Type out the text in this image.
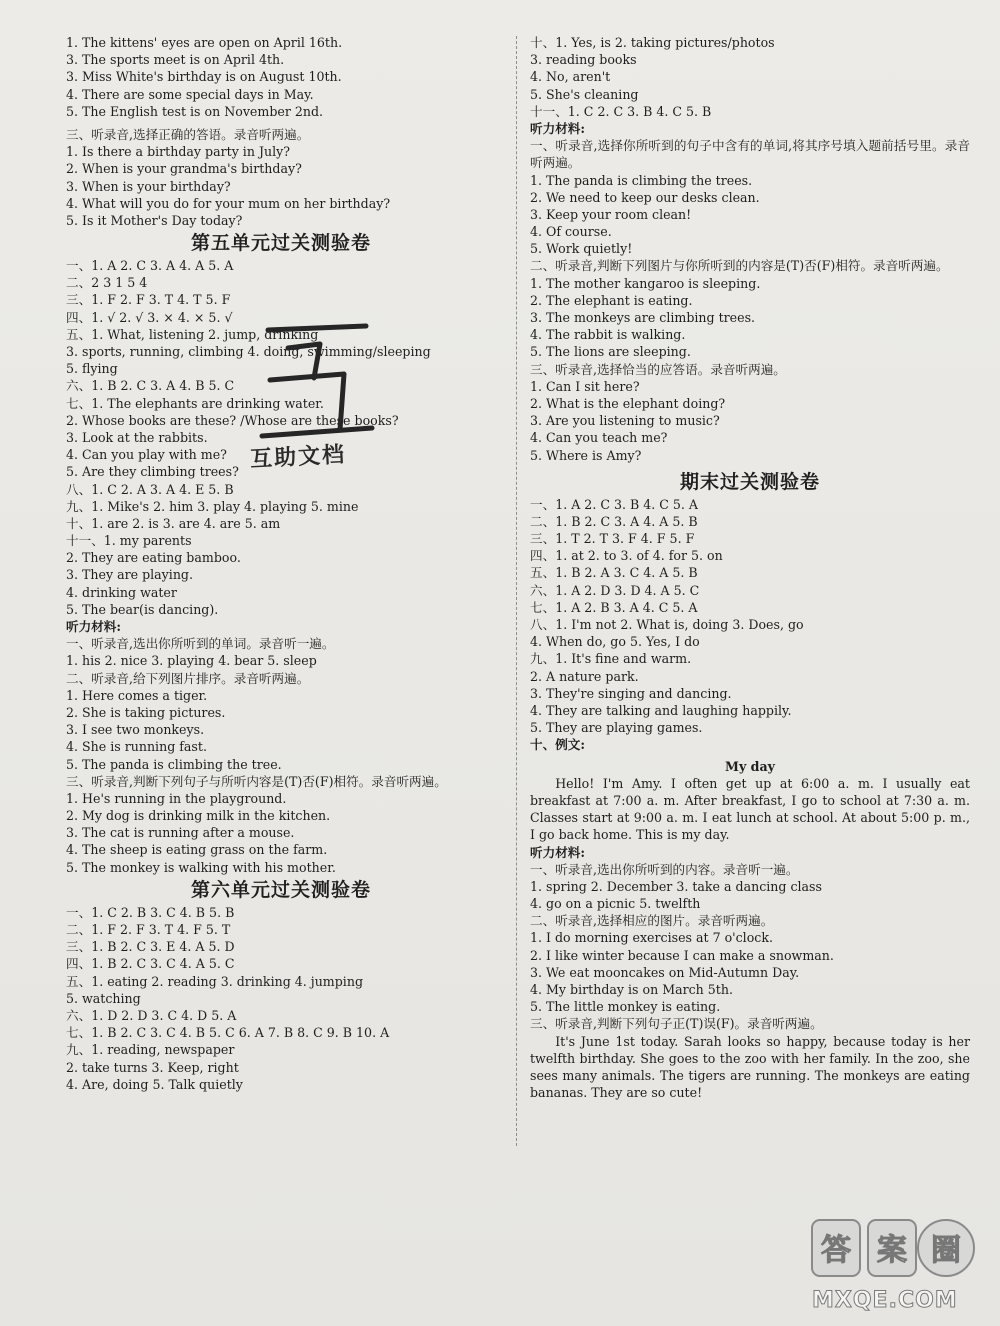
1. The kittens' eyes are open on April 16th.
3. The sports meet is on April 4th.
3. Miss White's birthday is on August 10th.
4. There are some special days in May.
5. The English test is on November 2nd.
三、听录音,选择正确的答语。录音听两遍。
1. Is there a birthday party in July?
2. When is your grandma's birthday?
3. When is your birthday?
4. What will you do for your mum on her birthday?
5. Is it Mother's Day today?
第五单元过关测验卷
一、1. A 2. C 3. A 4. A 5. A
二、2 3 1 5 4
三、1. F 2. F 3. T 4. T 5. F
四、1. √ 2. √ 3. × 4. × 5. √
五、1. What, listening 2. jump, drinking
3. sports, running, climbing 4. doing, swimming/sleeping
5. flying
六、1. B 2. C 3. A 4. B 5. C
七、1. The elephants are drinking water.
2. Whose books are these? /Whose are these books?
3. Look at the rabbits.
4. Can you play with me?
5. Are they climbing trees?
八、1. C 2. A 3. A 4. E 5. B
九、1. Mike's 2. him 3. play 4. playing 5. mine
十、1. are 2. is 3. are 4. are 5. am
十一、1. my parents
2. They are eating bamboo.
3. They are playing.
4. drinking water
5. The bear(is dancing).
听力材料:
一、听录音,选出你所听到的单词。录音听一遍。
1. his 2. nice 3. playing 4. bear 5. sleep
二、听录音,给下列图片排序。录音听两遍。
1. Here comes a tiger.
2. She is taking pictures.
3. I see two monkeys.
4. She is running fast.
5. The panda is climbing the tree.
三、听录音,判断下列句子与所听内容是(T)否(F)相符。录音听两遍。
1. He's running in the playground.
2. My dog is drinking milk in the kitchen.
3. The cat is running after a mouse.
4. The sheep is eating grass on the farm.
5. The monkey is walking with his mother.
第六单元过关测验卷
一、1. C 2. B 3. C 4. B 5. B
二、1. F 2. F 3. T 4. F 5. T
三、1. B 2. C 3. E 4. A 5. D
四、1. B 2. C 3. C 4. A 5. C
五、1. eating 2. reading 3. drinking 4. jumping
5. watching
六、1. D 2. D 3. C 4. D 5. A
七、1. B 2. C 3. C 4. B 5. C 6. A 7. B 8. C 9. B 10. A
九、1. reading, newspaper
2. take turns 3. Keep, right
4. Are, doing 5. Talk quietly
十、1. Yes, is 2. taking pictures/photos
3. reading books
4. No, aren't
5. She's cleaning
十一、1. C 2. C 3. B 4. C 5. B
听力材料:
一、听录音,选择你所听到的句子中含有的单词,将其序号填入题前括号里。录音听两遍。
1. The panda is climbing the trees.
2. We need to keep our desks clean.
3. Keep your room clean!
4. Of course.
5. Work quietly!
二、听录音,判断下列图片与你所听到的内容是(T)否(F)相符。录音听两遍。
1. The mother kangaroo is sleeping.
2. The elephant is eating.
3. The monkeys are climbing trees.
4. The rabbit is walking.
5. The lions are sleeping.
三、听录音,选择恰当的应答语。录音听两遍。
1. Can I sit here?
2. What is the elephant doing?
3. Are you listening to music?
4. Can you teach me?
5. Where is Amy?
期末过关测验卷
一、1. A 2. C 3. B 4. C 5. A
二、1. B 2. C 3. A 4. A 5. B
三、1. T 2. T 3. F 4. F 5. F
四、1. at 2. to 3. of 4. for 5. on
五、1. B 2. A 3. C 4. A 5. B
六、1. A 2. D 3. D 4. A 5. C
七、1. A 2. B 3. A 4. C 5. A
八、1. I'm not 2. What is, doing 3. Does, go
4. When do, go 5. Yes, I do
九、1. It's fine and warm.
2. A nature park.
3. They're singing and dancing.
4. They are talking and laughing happily.
5. They are playing games.
十、例文:
My day
Hello! I'm Amy. I often get up at 6:00 a. m. I usually eat breakfast at 7:00 a. m. After breakfast, I go to school at 7:30 a. m. Classes start at 9:00 a. m. I eat lunch at school. At about 5:00 p. m., I go back home. This is my day.
听力材料:
一、听录音,选出你所听到的内容。录音听一遍。
1. spring 2. December 3. take a dancing class
4. go on a picnic 5. twelfth
二、听录音,选择相应的图片。录音听两遍。
1. I do morning exercises at 7 o'clock.
2. I like winter because I can make a snowman.
3. We eat mooncakes on Mid-Autumn Day.
4. My birthday is on March 5th.
5. The little monkey is eating.
三、听录音,判断下列句子正(T)误(F)。录音听两遍。
It's June 1st today. Sarah looks so happy, because today is her twelfth birthday. She goes to the zoo with her family. In the zoo, she sees many animals. The tigers are running. The monkeys are eating bananas. They are so cute!
互助文档
答 案 圈
MXQE.COM
